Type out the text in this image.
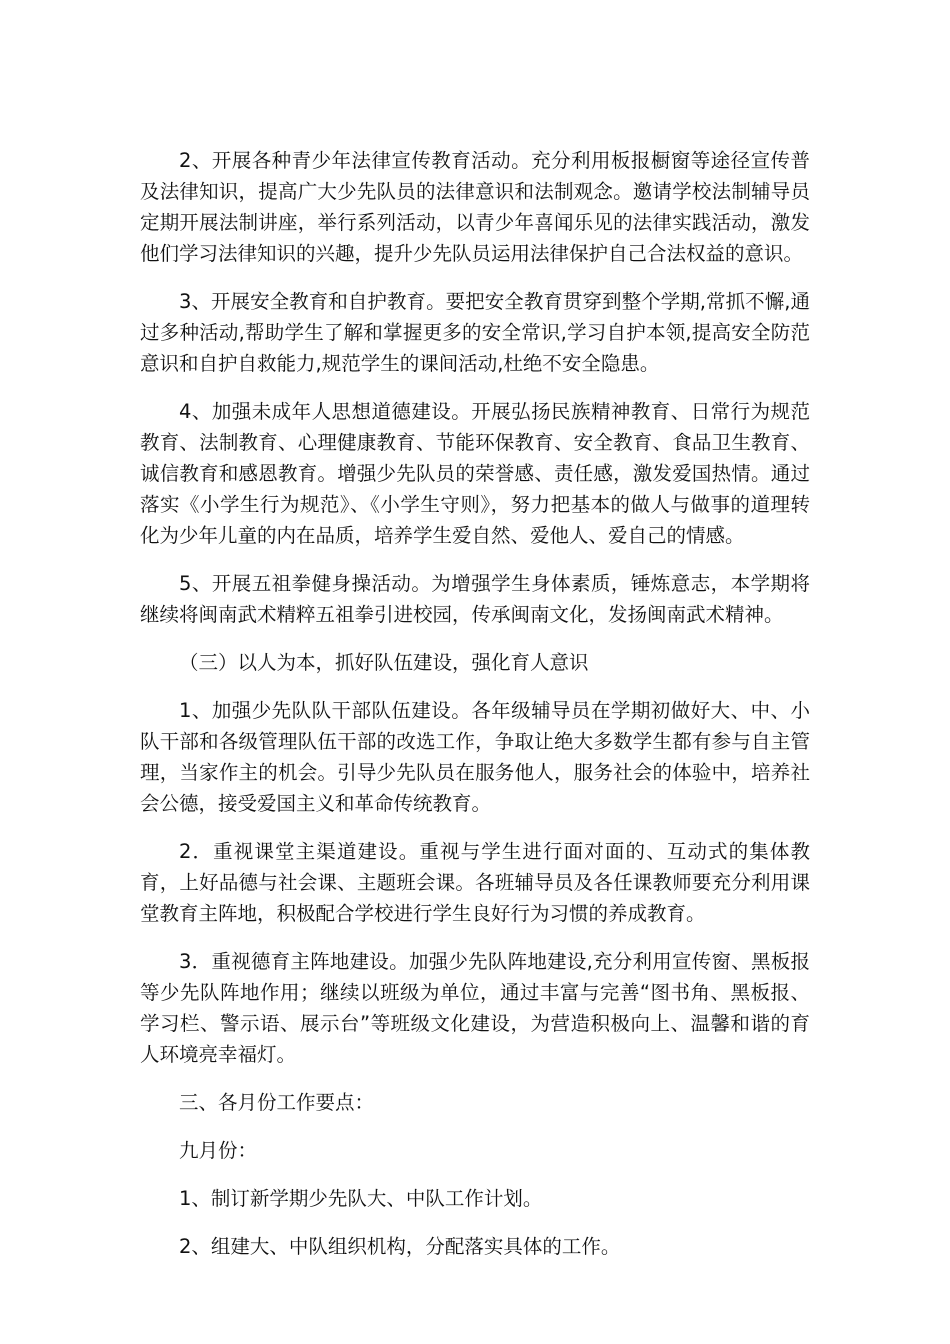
2、开展各种青少年法律宣传教育活动。充分利用板报橱窗等途径宣传普及法律知识，提高广大少先队员的法律意识和法制观念。邀请学校法制辅导员定期开展法制讲座，举行系列活动，以青少年喜闻乐见的法律实践活动，激发他们学习法律知识的兴趣，提升少先队员运用法律保护自己合法权益的意识。

3、开展安全教育和自护教育。要把安全教育贯穿到整个学期,常抓不懈,通过多种活动,帮助学生了解和掌握更多的安全常识,学习自护本领,提高安全防范意识和自护自救能力,规范学生的课间活动,杜绝不安全隐患。

4、加强未成年人思想道德建设。开展弘扬民族精神教育、日常行为规范教育、法制教育、心理健康教育、节能环保教育、安全教育、食品卫生教育、诚信教育和感恩教育。增强少先队员的荣誉感、责任感，激发爱国热情。通过落实《小学生行为规范》、《小学生守则》，努力把基本的做人与做事的道理转化为少年儿童的内在品质，培养学生爱自然、爱他人、爱自己的情感。

5、开展五祖拳健身操活动。为增强学生身体素质，锤炼意志，本学期将继续将闽南武术精粹五祖拳引进校园，传承闽南文化，发扬闽南武术精神。

（三）以人为本，抓好队伍建设，强化育人意识

1、加强少先队队干部队伍建设。各年级辅导员在学期初做好大、中、小队干部和各级管理队伍干部的改选工作，争取让绝大多数学生都有参与自主管理，当家作主的机会。引导少先队员在服务他人，服务社会的体验中，培养社会公德，接受爱国主义和革命传统教育。

2．重视课堂主渠道建设。重视与学生进行面对面的、互动式的集体教育，上好品德与社会课、主题班会课。各班辅导员及各任课教师要充分利用课堂教育主阵地，积极配合学校进行学生良好行为习惯的养成教育。

3．重视德育主阵地建设。加强少先队阵地建设,充分利用宣传窗、黑板报等少先队阵地作用；继续以班级为单位，通过丰富与完善“图书角、黑板报、学习栏、警示语、展示台”等班级文化建设，为营造积极向上、温馨和谐的育人环境亮幸福灯。

三、各月份工作要点：

九月份：

1、制订新学期少先队大、中队工作计划。

2、组建大、中队组织机构，分配落实具体的工作。
